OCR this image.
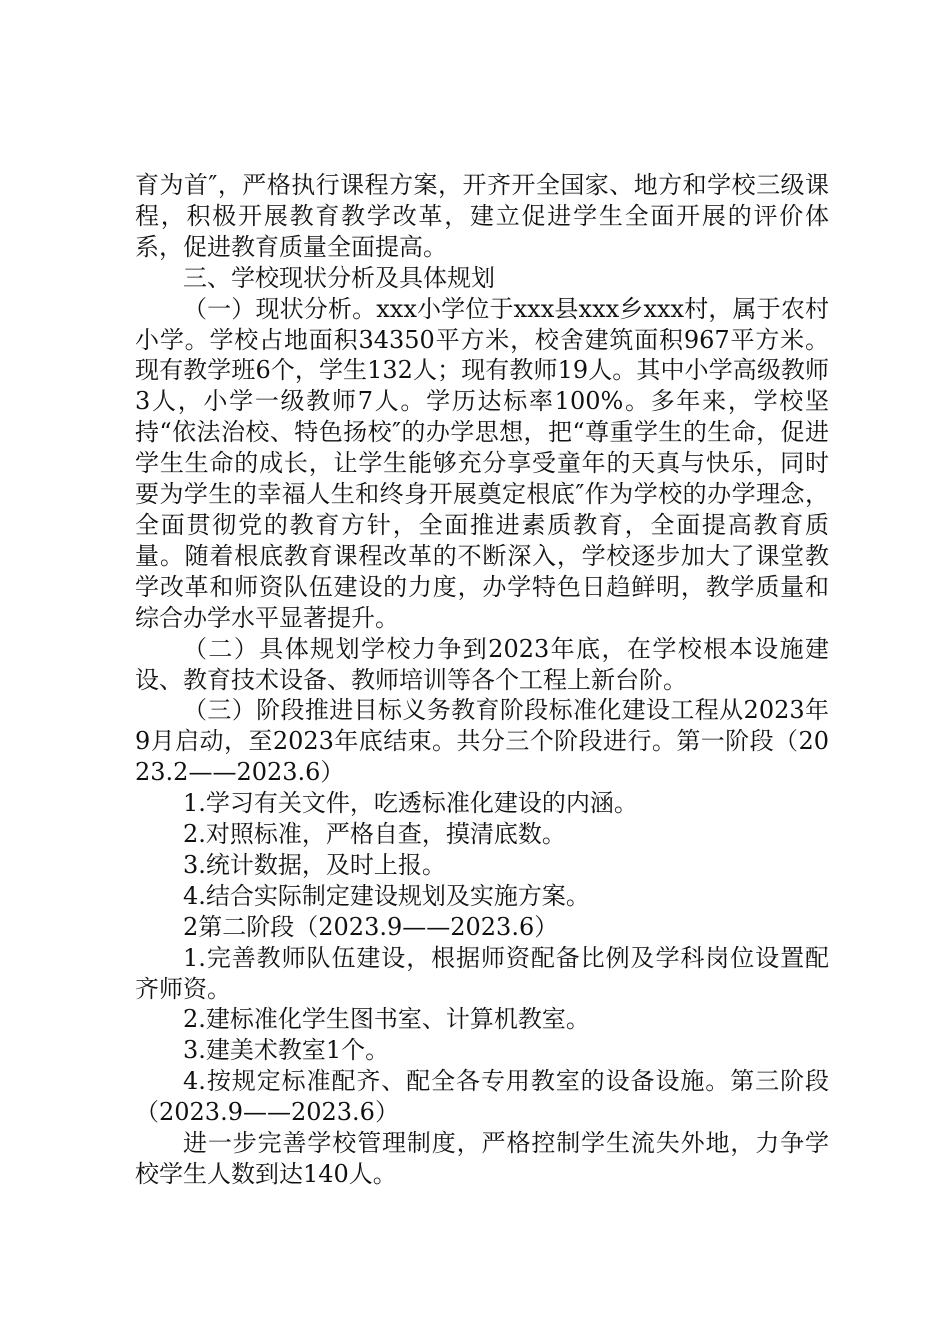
育为首″，严格执行课程方案，开齐开全国家、地方和学校三级课程，积极开展教育教学改革，建立促进学生全面开展的评价体系，促进教育质量全面提高。

三、学校现状分析及具体规划

（一）现状分析。xxx小学位于xxx县xxx乡xxx村，属于农村小学。学校占地面积34350平方米，校舍建筑面积967平方米。现有教学班6个，学生132人；现有教师19人。其中小学高级教师3人，小学一级教师7人。学历达标率100%。多年来，学校坚持“依法治校、特色扬校″的办学思想，把“尊重学生的生命，促进学生生命的成长，让学生能够充分享受童年的天真与快乐，同时要为学生的幸福人生和终身开展奠定根底″作为学校的办学理念，全面贯彻党的教育方针，全面推进素质教育，全面提高教育质量。随着根底教育课程改革的不断深入，学校逐步加大了课堂教学改革和师资队伍建设的力度，办学特色日趋鲜明，教学质量和综合办学水平显著提升。

（二）具体规划学校力争到2023年底，在学校根本设施建设、教育技术设备、教师培训等各个工程上新台阶。

（三）阶段推进目标义务教育阶段标准化建设工程从2023年9月启动，至2023年底结束。共分三个阶段进行。第一阶段（2023.2——2023.6）

1.学习有关文件，吃透标准化建设的内涵。

2.对照标准，严格自查，摸清底数。

3.统计数据，及时上报。

4.结合实际制定建设规划及实施方案。

2第二阶段（2023.9——2023.6）

1.完善教师队伍建设，根据师资配备比例及学科岗位设置配齐师资。

2.建标准化学生图书室、计算机教室。

3.建美术教室1个。

4.按规定标准配齐、配全各专用教室的设备设施。第三阶段（2023.9——2023.6）

进一步完善学校管理制度，严格控制学生流失外地，力争学校学生人数到达140人。
